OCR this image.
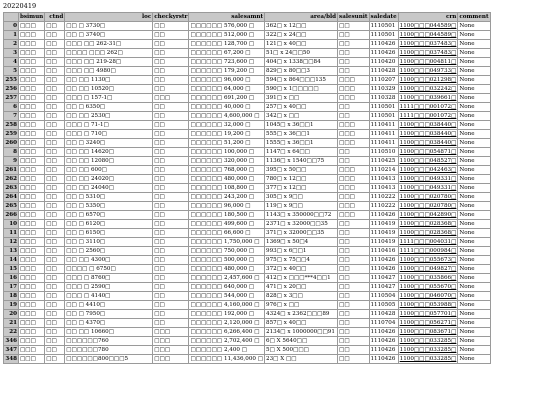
20220419
	bsimun	ctnd	loc	checkyrstr	salesamnt	area/bld	salesunit	saledate	crn	comment
0	□□□	□□	□□ □ 3730□	□□	□□□□□□ 576,000 □	362□ x 12□□	□□	1110501	1100□□□044589□	None
1	□□□	□□	□□ □ 3740□	□□	□□□□□□ 512,000 □	322□ x 24□□	□□	1110501	1100□□□044589□	None
2	□□□	□□	□□□ □□ 262-31□	□□	□□□□□□ 128,700 □	121□ x 40□□	□□	1110426	1100□□□037483□	None
3	□□□	□□	□□□□ □□□ 262□	□□	□□□□□□ 67,200 □	51□ x 24□□50	□□	1110426	1100□□□037483□	None
4	□□□	□□	□□□ □□ 219-28□	□□	□□□□□□ 723,600 □	404□ x 1338□□84	□□	1110420	1100□□□004811□	None
5	□□□	□□	□□□ □□ 4980□	□□	□□□□□□ 179,200 □	829□ x 80□□3	□□	1110428	1100□□□049733□	None
255	□□□	□□	□□ □□ 1130□	□□	□□□□□□ 96,000 □	594□ x 864□□□135	□□□	1110207	1100□□□021298□	None
256	□□□	□□	□□ □□ 10520□	□□	□□□□□□ 64,000 □	590□ x 1□□□□□	□□□	1110329	1100□□□032242□	None
257	□□□	□□	□□□ □ 157-1□	□□□	□□□□□□ 691,200 □	391□ x □□	□□□	1110328	1100□□□039661□	None
6	□□□	□□	□□ □ 6350□	□□	□□□□□□ 40,000 □	257□ x 40□□	□□	1110501	1111□□□001072□	None
7	□□□	□□	□□ □□ 2530□	□□	□□□□□□ 4,600,000 □	342□ x □□	□□	1110501	1111□□□001072□	None
258	□□□	□□	□□□ □ 71-1□	□□	□□□□□□ 32,000 □	1045□ x 36□□1	□□□	1110411	1100□□□038440□	None
259	□□□	□□	□□□ □ 710□	□□	□□□□□□ 19,200 □	555□ x 36□□1	□□□	1110411	1100□□□038440□	None
260	□□□	□□	□□ □ 3240□	□□	□□□□□□ 51,200 □	1555□ x 36□□1	□□□	1110411	1100□□□038440□	None
8	□□□	□□	□□ □□ 14620□	□□	□□□□□□ 100,000 □	1147□ x 64□□	□□	1110510	1100□□□054871□	None
9	□□□	□□	□□ □□ 12080□	□□	□□□□□□ 320,000 □	1136□ x 1540□□75	□□	1110425	1100□□□048527□	None
261	□□□	□□	□□ □□ 600□	□□	□□□□□□ 768,000 □	395□ x 50□□	□□□	1110214	1100□□□042463□	None
262	□□□	□□	□□ □□ 24020□	□□	□□□□□□ 480,000 □	780□ x 12□□	□□□	1110413	1100□□□049331□	None
263	□□□	□□	□□ □□ 24040□	□□	□□□□□□ 108,800 □	377□ x 12□□	□□□	1110413	1100□□□049331□	None
264	□□□	□□	□□ □ 5310□	□□	□□□□□□ 243,200 □	305□ x 9□□	□□□	1110222	1100□□□020780□	None
265	□□□	□□	□□ □ 5350□	□□	□□□□□□ 96,000 □	119□ x 9□□	□□□	1110222	1100□□□020780□	None
266	□□□	□□	□□ □ 6570□	□□	□□□□□□ 180,500 □	1143□ x 350000□□72	□□□	1110426	1100□□□042890□	None
10	□□□	□□	□□ □ 6120□	□□	□□□□□□ 499,600 □	2371□ x 32000□□35	□□	1110419	1100□□□028368□	None
11	□□□	□□	□□ □ 6150□	□□	□□□□□□ 66,600 □	371□ x 32000□□35	□□	1110419	1100□□□028368□	None
12	□□□	□□	□□ □ 3110□	□□	□□□□□□ 1,750,000 □	1369□ x 50□4	□□	1110419	1111□□□004031□	None
13	□□□	□□	□□ □ 2560□	□□	□□□□□□ 750,000 □	993□ x 6□□1	□□	1110416	1111□□□000984□	None
14	□□□	□□	□□ □□ 4300□	□□	□□□□□□ 500,000 □	975□ x 75□□4	□□	1110426	1100□□□055673□	None
15	□□□	□□	□□□□ □ 6750□	□□	□□□□□□ 480,000 □	372□ x 40□□	□□	1110426	1100□□□049827□	None
16	□□□	□□	□□□ □ 8760□	□□	□□□□□□ 2,457,600 □	412□ x □□□***4□□1	□□	1110427	1100□□□035866□	None
17	□□□	□□	□□□ □ 2590□	□□	□□□□□□ 640,000 □	471□ x 20□□	□□	1110427	1100□□□055670□	None
18	□□□	□□	□□□ □ 4140□	□□	□□□□□□ 544,000 □	828□ x 3□□	□□	1110504	1100□□□046070□	None
19	□□□	□□	□□ □ 4410□	□□	□□□□□□ 4,160,000 □	976□ x □□	□□	1110505	1100□□□053988□	None
20	□□□	□□	□□ □ 7950□	□□	□□□□□□ 192,000 □	4324□ x 2362□□□89	□□	1110428	1100□□□057701□	None
21	□□□	□□	□□ □ 4370□	□□	□□□□□□ 2,120,000 □	857□ x 40□□	□□	1110704	1100□□□056271□	None
22	□□□	□□	□□ □□ 10660□	□□□	□□□□□□ 6,266,400 □	2134□ x 1000000□□91	□□	1110426	1100□□□083671□	None
346	□□□	□□	□□□□□□760	□□□	□□□□□□ 2,702,400 □	6□ X 5640□□	□□	1110426	1100□□□033285□	None
347	□□□	□□	□□□□□□780	□□□	□□□□□□ 2,400 □	5□ X 500□□□	□□	1110426	1100□□□033285□	None
348	□□□	□□	□□□□□□800□□□5	□□□	□□□□□□ 11,436,000 □	23□ X □□	□□	1110426	1100□□□033285□	None
